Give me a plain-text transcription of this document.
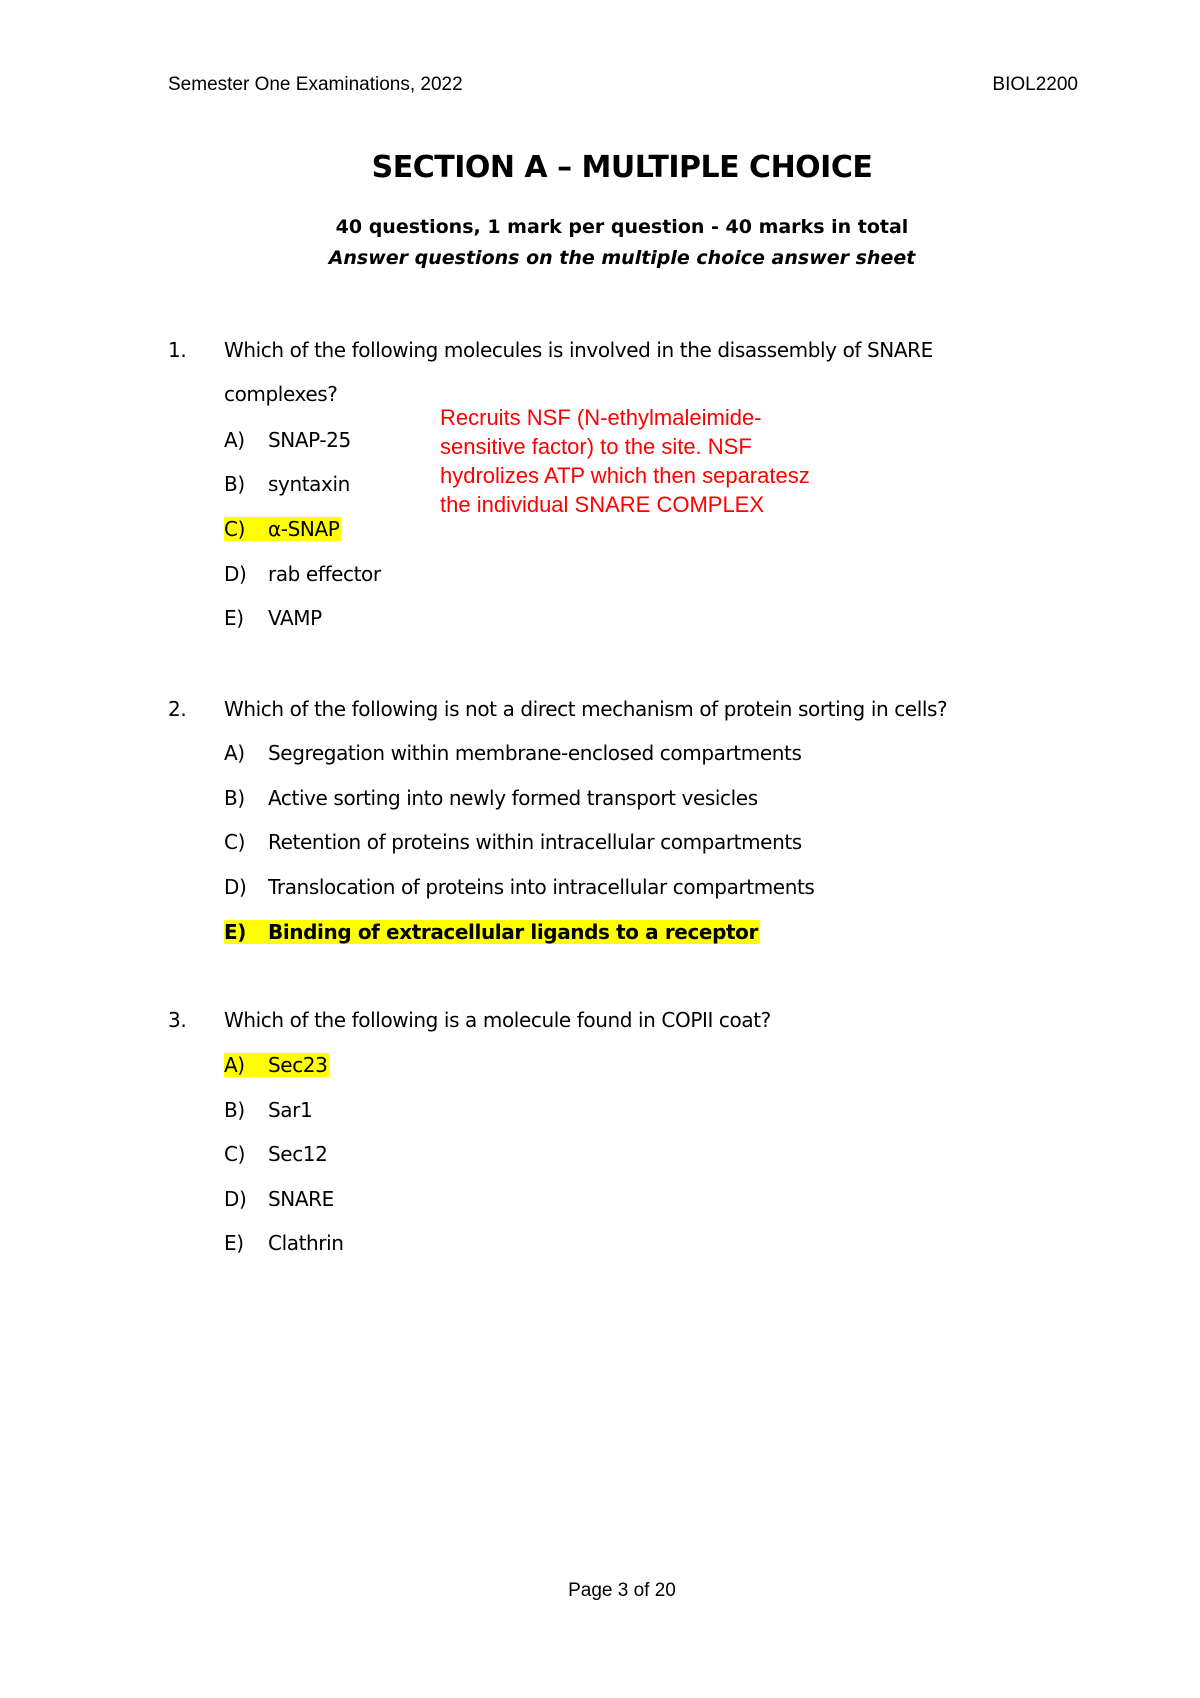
Semester One Examinations, 2022	BIOL2200
SECTION A – MULTIPLE CHOICE
40 questions, 1 mark per question - 40 marks in total
Answer questions on the multiple choice answer sheet
1. Which of the following molecules is involved in the disassembly of SNARE
complexes?
A) SNAP-25
B) syntaxin
C) α-SNAP
D) rab effector
E) VAMP
Recruits NSF (N-ethylmaleimide-
sensitive factor) to the site. NSF
hydrolizes ATP which then separatesz
the individual SNARE COMPLEX
2. Which of the following is not a direct mechanism of protein sorting in cells?
A) Segregation within membrane-enclosed compartments
B) Active sorting into newly formed transport vesicles
C) Retention of proteins within intracellular compartments
D) Translocation of proteins into intracellular compartments
E) Binding of extracellular ligands to a receptor
3. Which of the following is a molecule found in COPII coat?
A) Sec23
B) Sar1
C) Sec12
D) SNARE
E) Clathrin
Page 3 of 20
